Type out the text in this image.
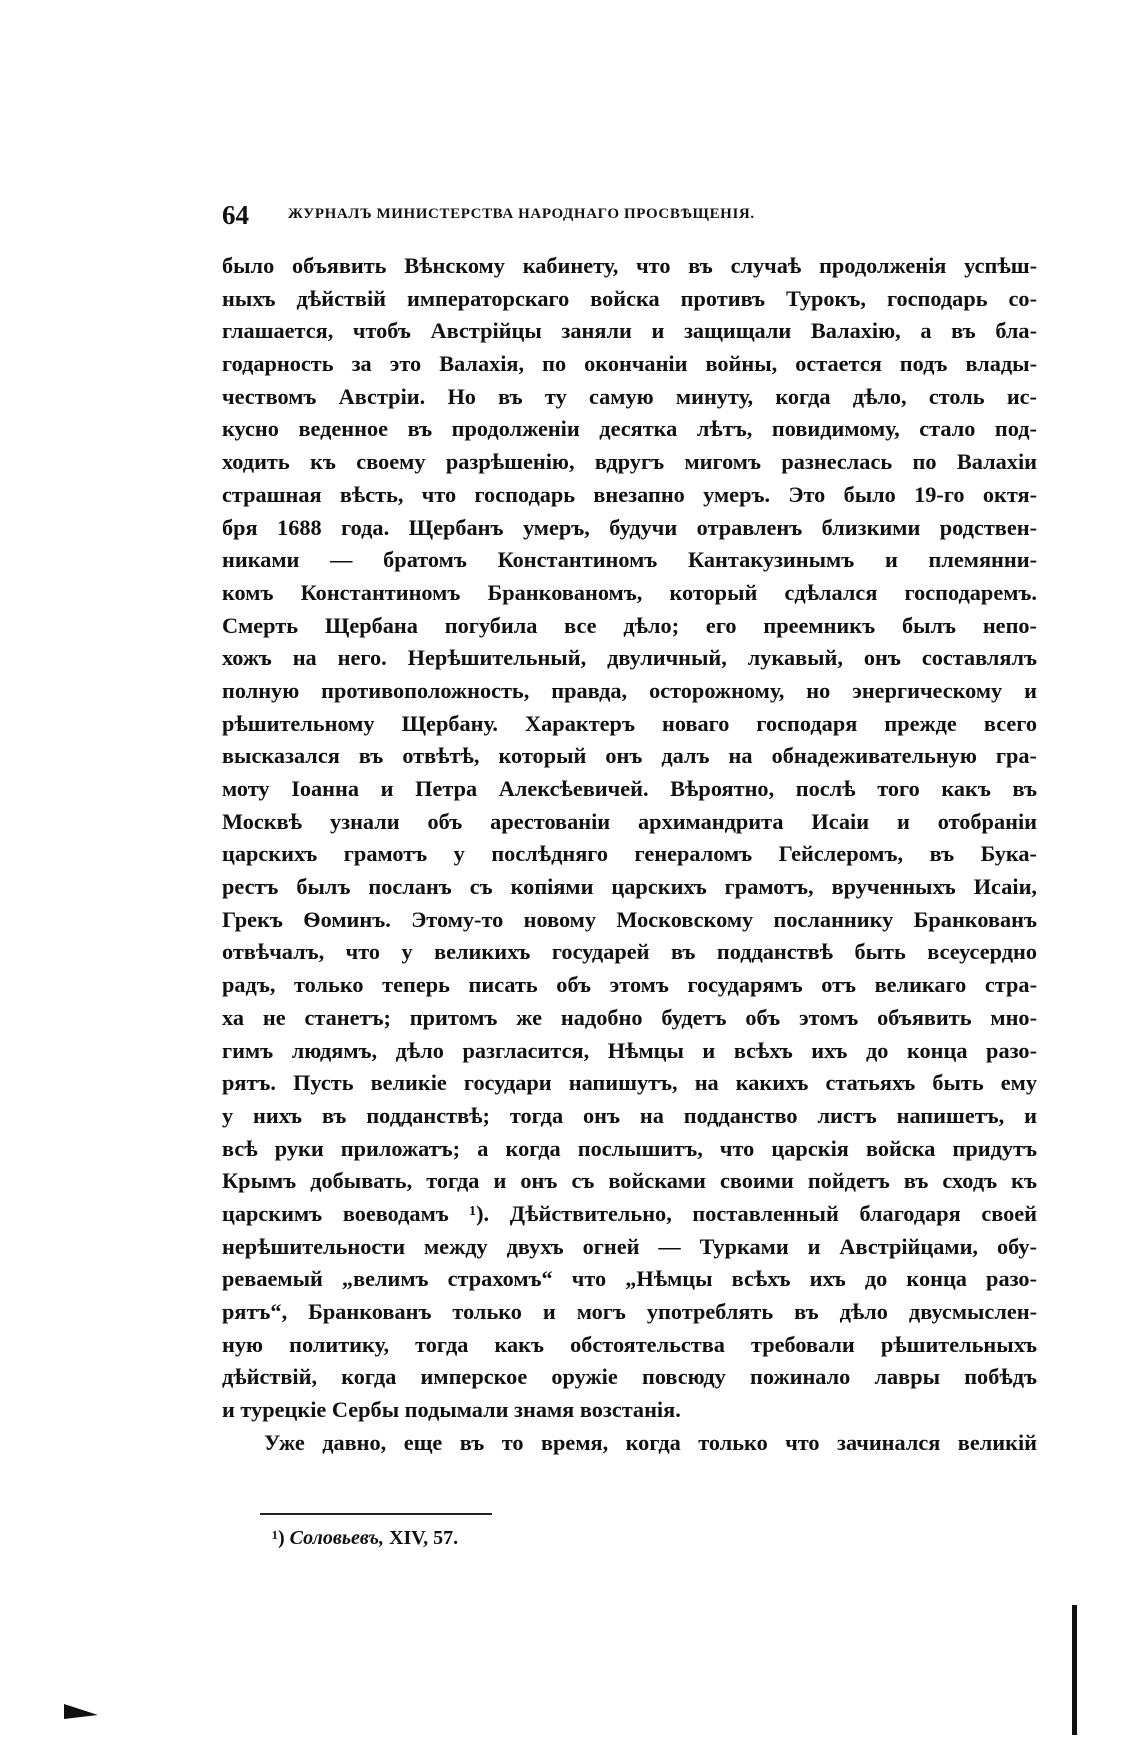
64	ЖУРНАЛЪ МИНИСТЕРСТВА НАРОДНАГО ПРОСВѢЩЕНІЯ.
было объявить Вѣнскому кабинету, что въ случаѣ продолженія успѣш-
ныхъ дѣйствій императорскаго войска противъ Турокъ, господарь со-
глашается, чтобъ Австрійцы заняли и защищали Валахію, а въ бла-
годарность за это Валахія, по окончаніи войны, остается подъ влады-
чествомъ Австріи. Но въ ту самую минуту, когда дѣло, столь ис-
кусно веденное въ продолженіи десятка лѣтъ, повидимому, стало под-
ходить къ своему разрѣшенію, вдругъ мигомъ разнеслась по Валахіи
страшная вѣсть, что господарь внезапно умеръ. Это было 19-го октя-
бря 1688 года. Щербанъ умеръ, будучи отравленъ близкими родствен-
никами — братомъ Константиномъ Кантакузинымъ и племянни-
комъ Константиномъ Бранкованомъ, который сдѣлался господаремъ.
Смерть Щербана погубила все дѣло; его преемникъ былъ непо-
хожъ на него. Нерѣшительный, двуличный, лукавый, онъ составлялъ
полную противоположность, правда, осторожному, но энергическому и
рѣшительному Щербану. Характеръ новаго господаря прежде всего
высказался въ отвѣтѣ, который онъ далъ на обнадеживательную гра-
моту Іоанна и Петра Алексѣевичей. Вѣроятно, послѣ того какъ въ
Москвѣ узнали объ арестованіи архимандрита Исаіи и отобраніи
царскихъ грамотъ у послѣдняго генераломъ Гейслеромъ, въ Бука-
рестъ былъ посланъ съ копіями царскихъ грамотъ, врученныхъ Исаіи,
Грекъ Ѳоминъ. Этому-то новому Московскому посланнику Бранкованъ
отвѣчалъ, что у великихъ государей въ подданствѣ быть всеусердно
радъ, только теперь писать объ этомъ государямъ отъ великаго стра-
ха не станетъ; притомъ же надобно будетъ объ этомъ объявить мно-
гимъ людямъ, дѣло разгласится, Нѣмцы и всѣхъ ихъ до конца разо-
рятъ. Пусть великіе государи напишутъ, на какихъ статьяхъ быть ему
у нихъ въ подданствѣ; тогда онъ на подданство листъ напишетъ, и
всѣ руки приложатъ; а когда послышитъ, что царскія войска придутъ
Крымъ добывать, тогда и онъ съ войсками своими пойдетъ въ сходъ къ
царскимъ воеводамъ ¹). Дѣйствительно, поставленный благодаря своей
нерѣшительности между двухъ огней — Турками и Австрійцами, обу-
реваемый „велимъ страхомъ“ что „Нѣмцы всѣхъ ихъ до конца разо-
рятъ“, Бранкованъ только и могъ употреблять въ дѣло двусмыслен-
ную политику, тогда какъ обстоятельства требовали рѣшительныхъ
дѣйствій, когда имперское оружіе повсюду пожинало лавры побѣдъ
и турецкіе Сербы подымали знамя возстанія.
Уже давно, еще въ то время, когда только что зачинался великій
¹) Соловьевъ, XIV, 57.
